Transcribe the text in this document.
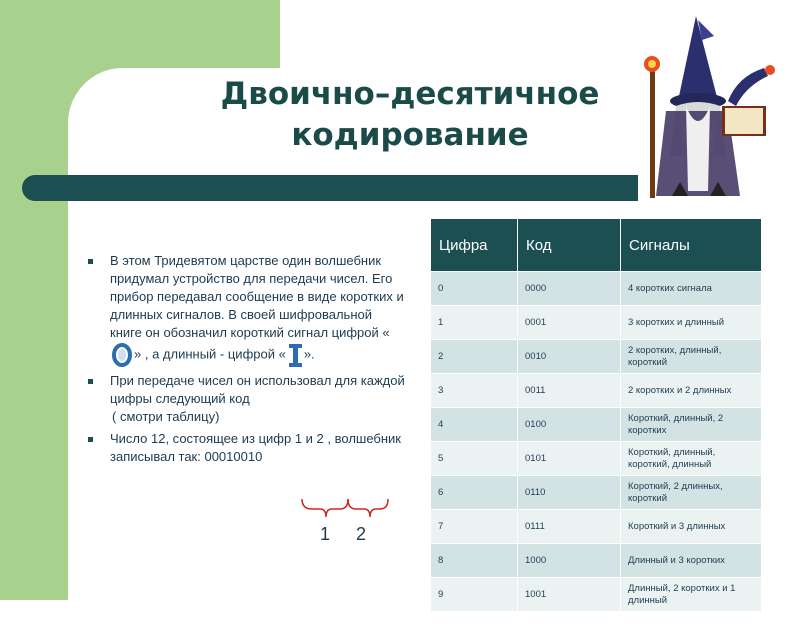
Двоично–десятичное
кодирование
В этом Тридевятом царстве один волшебник придумал устройство для передачи чисел. Его прибор передавал сообщение в виде коротких и длинных сигналов. В своей шифровальной книге он обозначил короткий сигнал цифрой «» , а длинный - цифрой « ».
При передаче чисел он использовал для каждой цифры следующий код
( смотри таблицу)
Число 12, состоящее из цифр 1 и 2 , волшебник записывал так: 00010010
1 2
Цифра	Код	Сигналы
0	0000	4 коротких сигнала
1	0001	3 коротких и длинный
2	0010	2 коротких, длинный, короткий
3	0011	2 коротких и 2 длинных
4	0100	Короткий, длинный, 2 коротких
5	0101	Короткий, длинный, короткий, длинный
6	0110	Короткий, 2 длинных, короткий
7	0111	Короткий и 3 длинных
8	1000	Длинный и 3 коротких
9	1001	Длинный, 2 коротких и 1 длинный
